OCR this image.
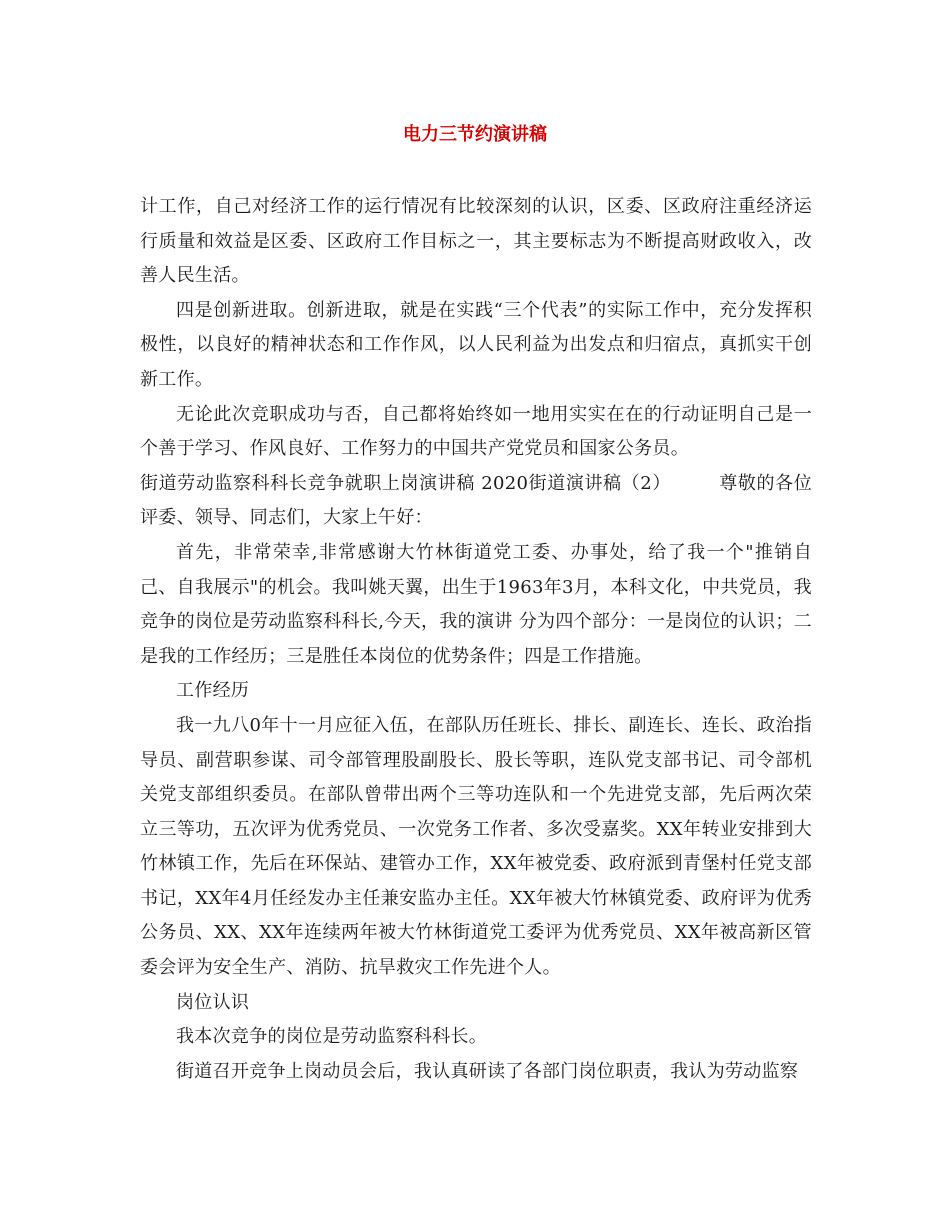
电力三节约演讲稿

计工作，自己对经济工作的运行情况有比较深刻的认识，区委、区政府注重经济运行质量和效益是区委、区政府工作目标之一，其主要标志为不断提高财政收入，改善人民生活。

四是创新进取。创新进取，就是在实践“三个代表”的实际工作中，充分发挥积极性，以良好的精神状态和工作作风，以人民利益为出发点和归宿点，真抓实干创新工作。

无论此次竞职成功与否，自己都将始终如一地用实实在在的行动证明自己是一个善于学习、作风良好、工作努力的中国共产党党员和国家公务员。

街道劳动监察科科长竞争就职上岗演讲稿 2020街道演讲稿（2）	尊敬的各位评委、领导、同志们，大家上午好：

首先，非常荣幸,非常感谢大竹林街道党工委、办事处，给了我一个"推销自己、自我展示"的机会。我叫姚天翼，出生于1963年3月，本科文化，中共党员，我竞争的岗位是劳动监察科科长,今天，我的演讲 分为四个部分：一是岗位的认识；二是我的工作经历；三是胜任本岗位的优势条件；四是工作措施。

工作经历

我一九八0年十一月应征入伍，在部队历任班长、排长、副连长、连长、政治指导员、副营职参谋、司令部管理股副股长、股长等职，连队党支部书记、司令部机关党支部组织委员。在部队曾带出两个三等功连队和一个先进党支部，先后两次荣立三等功，五次评为优秀党员、一次党务工作者、多次受嘉奖。XX年转业安排到大竹林镇工作，先后在环保站、建管办工作，XX年被党委、政府派到青堡村任党支部书记，XX年4月任经发办主任兼安监办主任。XX年被大竹林镇党委、政府评为优秀公务员、XX、XX年连续两年被大竹林街道党工委评为优秀党员、XX年被高新区管委会评为安全生产、消防、抗旱救灾工作先进个人。

岗位认识

我本次竞争的岗位是劳动监察科科长。

街道召开竞争上岗动员会后，我认真研读了各部门岗位职责，我认为劳动监察
